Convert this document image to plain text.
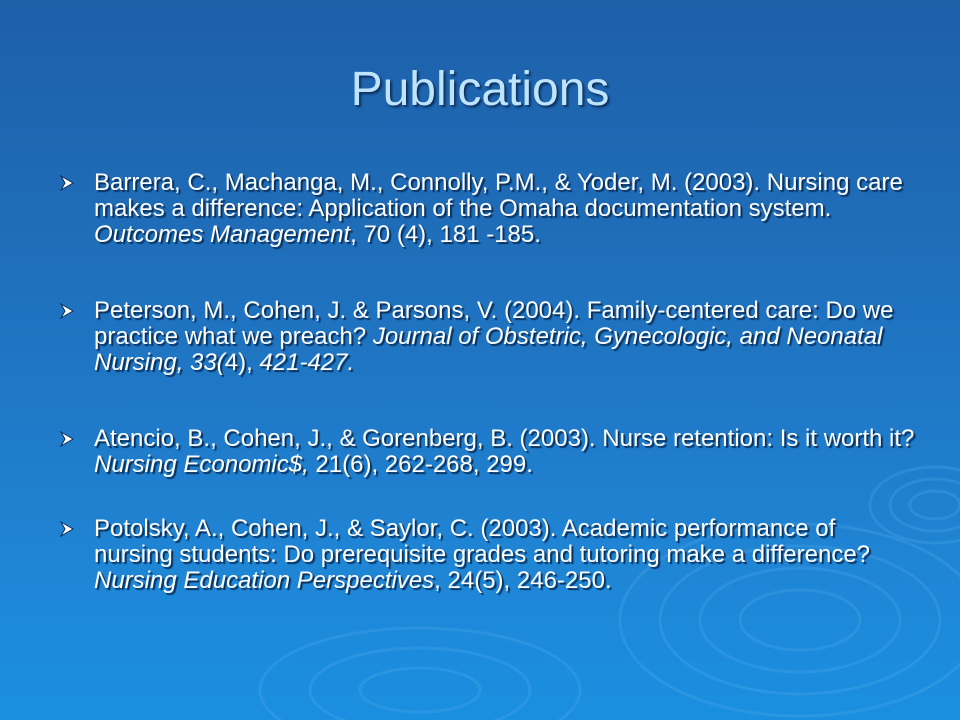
Publications
Barrera, C., Machanga, M., Connolly, P.M., & Yoder, M. (2003). Nursing care makes a difference: Application of the Omaha documentation system. Outcomes Management, 70 (4), 181 -185.
Peterson, M., Cohen, J. & Parsons, V. (2004). Family-centered care: Do we practice what we preach? Journal of Obstetric, Gynecologic, and Neonatal Nursing, 33(4), 421-427.
Atencio, B., Cohen, J., & Gorenberg, B. (2003). Nurse retention: Is it worth it? Nursing Economic$, 21(6), 262-268, 299.
Potolsky, A., Cohen, J., & Saylor, C. (2003). Academic performance of nursing students: Do prerequisite grades and tutoring make a difference? Nursing Education Perspectives, 24(5), 246-250.
